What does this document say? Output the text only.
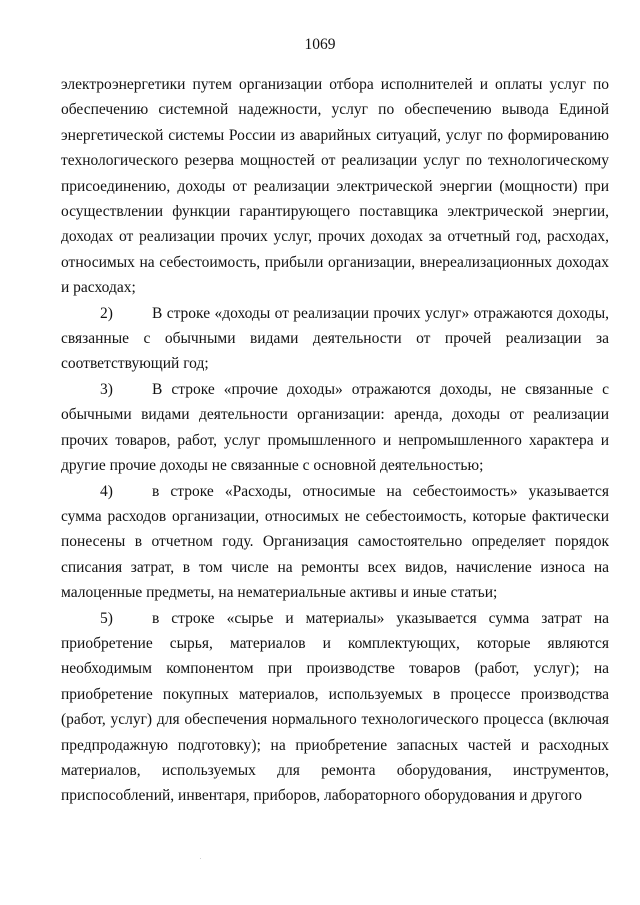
1069

электроэнергетики путем организации отбора исполнителей и оплаты услуг по обеспечению системной надежности, услуг по обеспечению вывода Единой энергетической системы России из аварийных ситуаций, услуг по формированию технологического резерва мощностей от реализации услуг по технологическому присоединению, доходы от реализации электрической энергии (мощности) при осуществлении функции гарантирующего поставщика электрической энергии, доходах от реализации прочих услуг, прочих доходах за отчетный год, расходах, относимых на себестоимость, прибыли организации, внереализационных доходах и расходах;

2)	В строке «доходы от реализации прочих услуг» отражаются доходы, связанные с обычными видами деятельности от прочей реализации за соответствующий год;

3)	В строке «прочие доходы» отражаются доходы, не связанные с обычными видами деятельности организации: аренда, доходы от реализации прочих товаров, работ, услуг промышленного и непромышленного характера и другие прочие доходы не связанные с основной деятельностью;

4)	в строке «Расходы, относимые на себестоимость» указывается сумма расходов организации, относимых не себестоимость, которые фактически понесены в отчетном году. Организация самостоятельно определяет порядок списания затрат, в том числе на ремонты всех видов, начисление износа на малоценные предметы, на нематериальные активы и иные статьи;

5)	в строке «сырье и материалы» указывается сумма затрат на приобретение сырья, материалов и комплектующих, которые являются необходимым компонентом при производстве товаров (работ, услуг); на приобретение покупных материалов, используемых в процессе производства (работ, услуг) для обеспечения нормального технологического процесса (включая предпродажную подготовку); на приобретение запасных частей и расходных материалов, используемых для ремонта оборудования, инструментов, приспособлений, инвентаря, приборов, лабораторного оборудования и другого
